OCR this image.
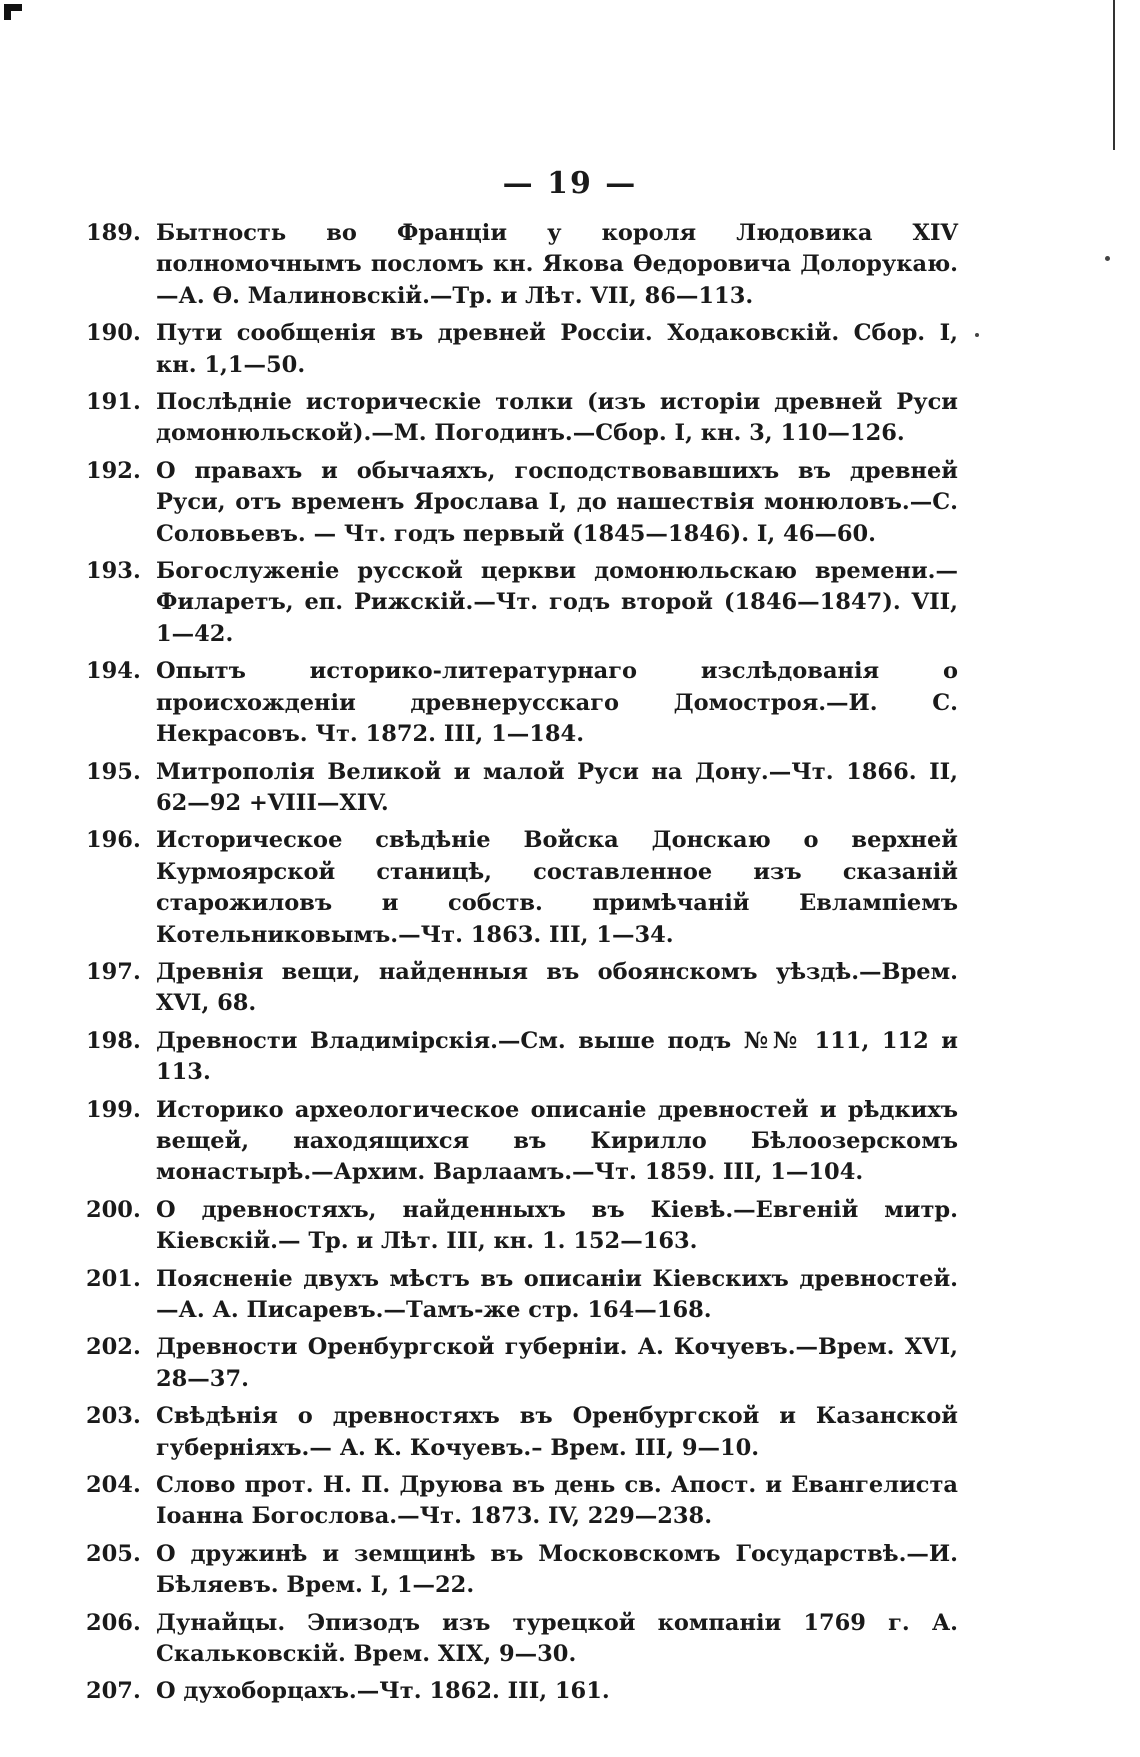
— 19 —
189. Бытность во Франціи у короля Людовика XIV полномочнымъ посломъ кн. Якова Өедоровича Долорукаю.—А. Ө. Малиновскій.—Тр. и Лѣт. VII, 86—113.
190. Пути сообщенія въ древней Россіи. Ходаковскій. Сбор. I, кн. 1,1—50.
191. Послѣдніе историческіе толки (изъ исторіи древней Руси домонюльской).—М. Погодинъ.—Сбор. I, кн. 3, 110—126.
192. О правахъ и обычаяхъ, господствовавшихъ въ древней Руси, отъ временъ Ярослава I, до нашествія монюловъ.—С. Соловьевъ. — Чт. годъ первый (1845—1846). I, 46—60.
193. Богослуженіе русской церкви домонюльскаю времени.—Филаретъ, еп. Рижскій.—Чт. годъ второй (1846—1847). VII, 1—42.
194. Опытъ историко-литературнаго изслѣдованія о происхожденіи древнерусскаго Домостроя.—И. С. Некрасовъ. Чт. 1872. III, 1—184.
195. Митрополія Великой и малой Руси на Дону.—Чт. 1866. II, 62—92 +VIII—XIV.
196. Историческое свѣдѣніе Войска Донскаю о верхней Курмоярской станицѣ, составленное изъ сказаній старожиловъ и собств. примѣчаній Евлампіемъ Котельниковымъ.—Чт. 1863. III, 1—34.
197. Древнія вещи, найденныя въ обоянскомъ уѣздѣ.—Врем. XVI, 68.
198. Древности Владимірскія.—См. выше подъ №№ 111, 112 и 113.
199. Историко археологическое описаніе древностей и рѣдкихъ вещей, находящихся въ Кирилло Бѣлоозерскомъ монастырѣ.—Архим. Варлаамъ.—Чт. 1859. III, 1—104.
200. О древностяхъ, найденныхъ въ Кіевѣ.—Евгеній митр. Кіевскій.— Тр. и Лѣт. III, кн. 1. 152—163.
201. Поясненіе двухъ мѣстъ въ описаніи Кіевскихъ древностей.—А. А. Писаревъ.—Тамъ-же стр. 164—168.
202. Древности Оренбургской губерніи. А. Кочуевъ.—Врем. XVI, 28—37.
203. Свѣдѣнія о древностяхъ въ Оренбургской и Казанской губерніяхъ.— А. К. Кочуевъ.– Врем. III, 9—10.
204. Слово прот. Н. П. Друюва въ день св. Апост. и Евангелиста Іоанна Богослова.—Чт. 1873. IV, 229—238.
205. О дружинѣ и земщинѣ въ Московскомъ Государствѣ.—И. Бѣляевъ. Врем. I, 1—22.
206. Дунайцы. Эпизодъ изъ турецкой компаніи 1769 г. А. Скальковскій. Врем. XIX, 9—30.
207. О духоборцахъ.—Чт. 1862. III, 161.
